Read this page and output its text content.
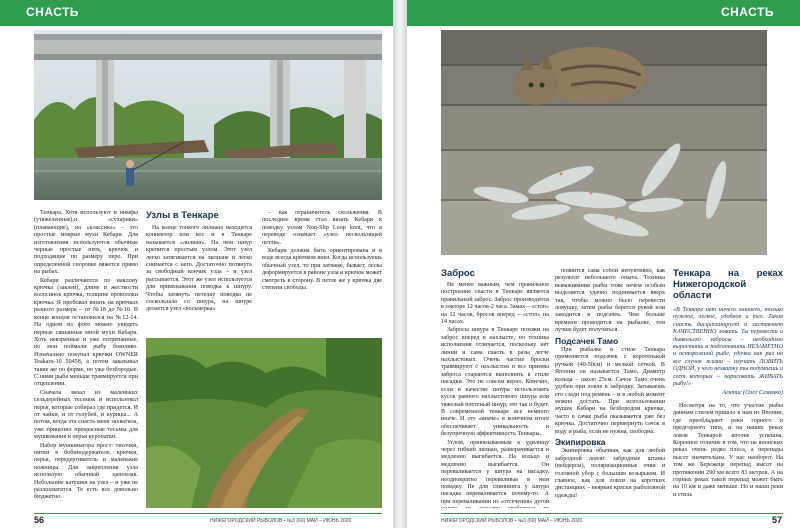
СНАСТЬ

Тенкара. Хотя используют и нимфы (утяжеленные),и «сухарики» (плавающие), но «классика» – это простые мокрые мухи Кебари. Для изготовления используются обычные черные простые нить, крючок и подходящие по размеру перо. При определенной сноровке вяжется прямо на рыбах.

Кебари различаются по наклону крючка (заклей), длине и жесткости волосинок крючка, толщине проволоки крючка. Я пробовал вязать на крючках разного размера – от №18 до №10. В конце концов остановился на №12-14. На одном из фото можно увидеть первые связанные мной мухи Кебари. Хоть невзрачные и уже потрепанные, но мои поймали рыбу боязливо. Изначально покупал крючки OWNER Teakaru-10 50458, а потом заказывал такие же по форме, но уже безбородые. С ними рыба меньше травмируется при отцеплении.

Сначала вязал из маленьких сельдерейных тесемок и использовал перья, которые собирал где придется. И от чайки, и от голубей, и курицы... А потом, когда эта снасть меня захватила, уже прицепил прекрасные тесьмы для мушкования и перья куропатки.

Набор мушкинатора прост: тисочки, нитки в бобинодержателе, крючки, перья, передергиватель и маленькие ножницы. Для закрепления узла использую обычный цапонлак. Небольшие катушки на узел – и уже не разлохматятся. Те есть все довольно бюджетно.

Узлы в Тенкаре

На конце тонкого лилиана находится коннектор или кос и в Тенкаре называется «лилиан». На нем шнур крепится простым узлом. Этот узел легко затягивается на лилиане и легко снимается с него. Достаточно потянуть за свободный кончик узла – и узел рассыпается. Этот же узел используется для привязывания поводка к шнуру. Чтобы затянуть петелку поводка не соскользала со шнура, на шнуре делается узел «восьмерка»

– как ограничитель скольжения. В последнее время стал вязать Кебари к поводку узлом Non-Slip Loop knot, что в переводе означает «узел нескользящей петли».

Кебари должна быть ориентирована и в воде всегда крючком вниз. Когда используешь обычный узел, то при затяжке, бывает, леска деформируется в районе узла и крючок может смотреть в сторону. В петле же у крючка две степени свободы.

56	НИЖЕГОРОДСКИЙ РЫБОЛОВ • №3 (60) МАЙ – ИЮНЬ 2020
СНАСТЬ
Заброс

Не менее важным, чем правильное построение снасти в Тенкаре является правильный заброс. Заброс производится в секторе 12 часов-2 часа. Замах – «стоп» на 12 часов, бросок вперед – «стоп» на 14 часах.

Забросы шнура в Тенкаре похожи на заброс вперед в нахлысте, но техника исполнения отличается, поскольку нет линии и сама снасть в разы легче нахлыстовых. Очень частые броски травмируют с нахлыстом и все приемы заброса стараются выполнять в стиле насадки. Это не совсем верно. Конечно, если в качестве шнура использовать кусок равного нахлыстового шнура или тяжелый плетеный шнур, это так и будет. В современной тенкаре все немного иначе. И это «иначе» в конечном итоге обеспечивает уникальность и безупречную эффективность Тенкары.

Углом, привязываемым к удилищу через гибкий лилиан, разворачивается и медленно выгибается. На кольцо и медленно выгибается. Он переваливается у шнура на насадку, неоднократно переваливая в нем повадку. Не для спиннинга у шнура насадка переваливается почему-то. А при переваливании из «отсечения» дугой

появится сама собой интуитивно, как результат небольшого опыта. Техника вываживания рыбы тоже нечем особым выделяется удачно поднимается вверх так, чтобы можно было перевести ловушку, затем рыбы берется рукой или заводится в подсачек. Чем больше времени проводится на рыбалке, тем лучше будет получаться.

Подсачек Тамо

При рыбалке в стиле Тенкара применяется подсачек с коротенькой ручкой (40-50см) и мелкой сеткой. В Японии он называется Тамо. Диаметр кольца – около 25см. Сачок Тамо очень удобен при ловле в забродку. Затыкаешь его сзади под ремень – и в любой момент можно достать. При использовании мушек Кебари на безбородом крючке, часто в сачке рыба оказывается уже без крючка. Достаточно перевернуть сачок в воду и рыба, если не нужна, свободна.

Экипировка

Экипировка обычная, как для любой забродной ловли: забродные штаны (вейдерсы), поляризационные очки и головной убор с большим козырьком. И главное, как для ловли на коротких дистанциях – неяркие краски рыболовной одежды!

Тенкара на реках Нижегородской области

«В Тенкаре нет ничего лишнего, только нужное, легкое, удобное и тех. Такая снасть дисциплинирует и заставляет КАЧЕСТВЕННО ловить. Ты перевести и дьявольско забросы – необходимо вырастить и подготовить НЕЗАМЕТНО и осторожной рыбе, удочка как раз на все случая жизни – изучать ЛОВИТЬ ОДНОЙ, у чего нехватку ты подумаешь и сеет которых – нарисовать ЖИВАТЬ рыбу!»

Агнтис (Олег Семенко)

Несмотря на то, что участие рыбы данным стилем пришло к нам из Японии, где преобладают реки горного и предгорного типа, и на наших реках ловля Тенкарой вполне успешна. Коренное отличие в том, что на японских реках очень редко плеса, а перепады высот значительны. У нас наоборот. На том же Бережеце перепад высот на протяжении 290 км всего 83 метров. А на горных реках такой перепад может быть на 10 км и даже меньше. Но и наши реки и стиль

НИЖЕГОРОДСКИЙ РЫБОЛОВ • №3 (60) МАЙ – ИЮНЬ 2020	57
